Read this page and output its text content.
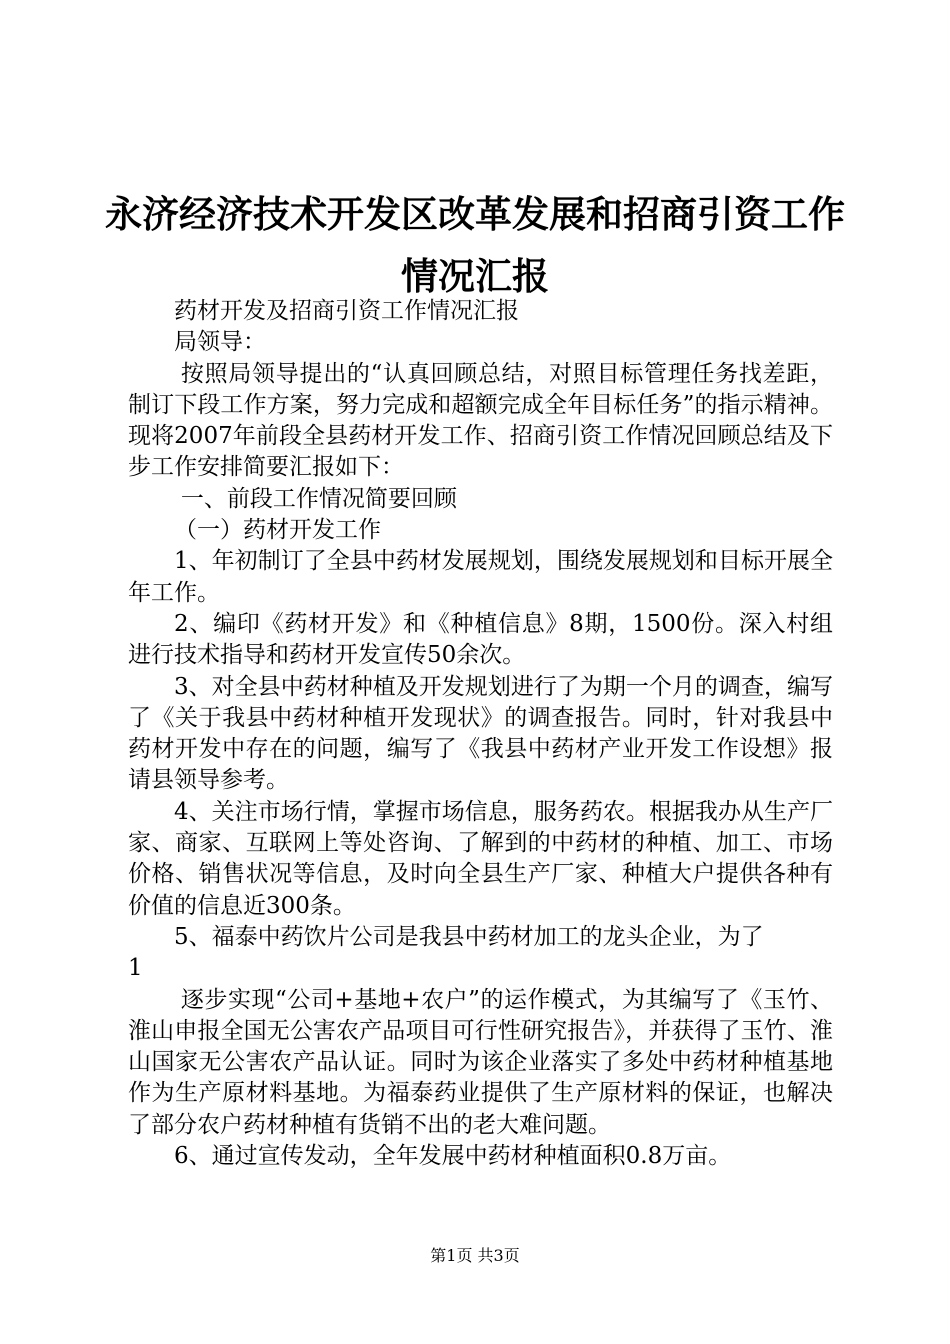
永济经济技术开发区改革发展和招商引资工作
情况汇报

药材开发及招商引资工作情况汇报

局领导：

按照局领导提出的“认真回顾总结，对照目标管理任务找差距，制订下段工作方案，努力完成和超额完成全年目标任务”的指示精神。现将2007年前段全县药材开发工作、招商引资工作情况回顾总结及下步工作安排简要汇报如下：

一、前段工作情况简要回顾

（一）药材开发工作

1、年初制订了全县中药材发展规划，围绕发展规划和目标开展全年工作。

2、编印《药材开发》和《种植信息》8期，1500份。深入村组进行技术指导和药材开发宣传50余次。

3、对全县中药材种植及开发规划进行了为期一个月的调查，编写了《关于我县中药材种植开发现状》的调查报告。同时，针对我县中药材开发中存在的问题，编写了《我县中药材产业开发工作设想》报请县领导参考。

4、关注市场行情，掌握市场信息，服务药农。根据我办从生产厂家、商家、互联网上等处咨询、了解到的中药材的种植、加工、市场价格、销售状况等信息，及时向全县生产厂家、种植大户提供各种有价值的信息近300条。

5、福泰中药饮片公司是我县中药材加工的龙头企业，为了

1

逐步实现“公司+基地+农户”的运作模式，为其编写了《玉竹、淮山申报全国无公害农产品项目可行性研究报告》，并获得了玉竹、淮山国家无公害农产品认证。同时为该企业落实了多处中药材种植基地作为生产原材料基地。为福泰药业提供了生产原材料的保证，也解决了部分农户药材种植有货销不出的老大难问题。

6、通过宣传发动，全年发展中药材种植面积0.8万亩。

第1页 共3页
